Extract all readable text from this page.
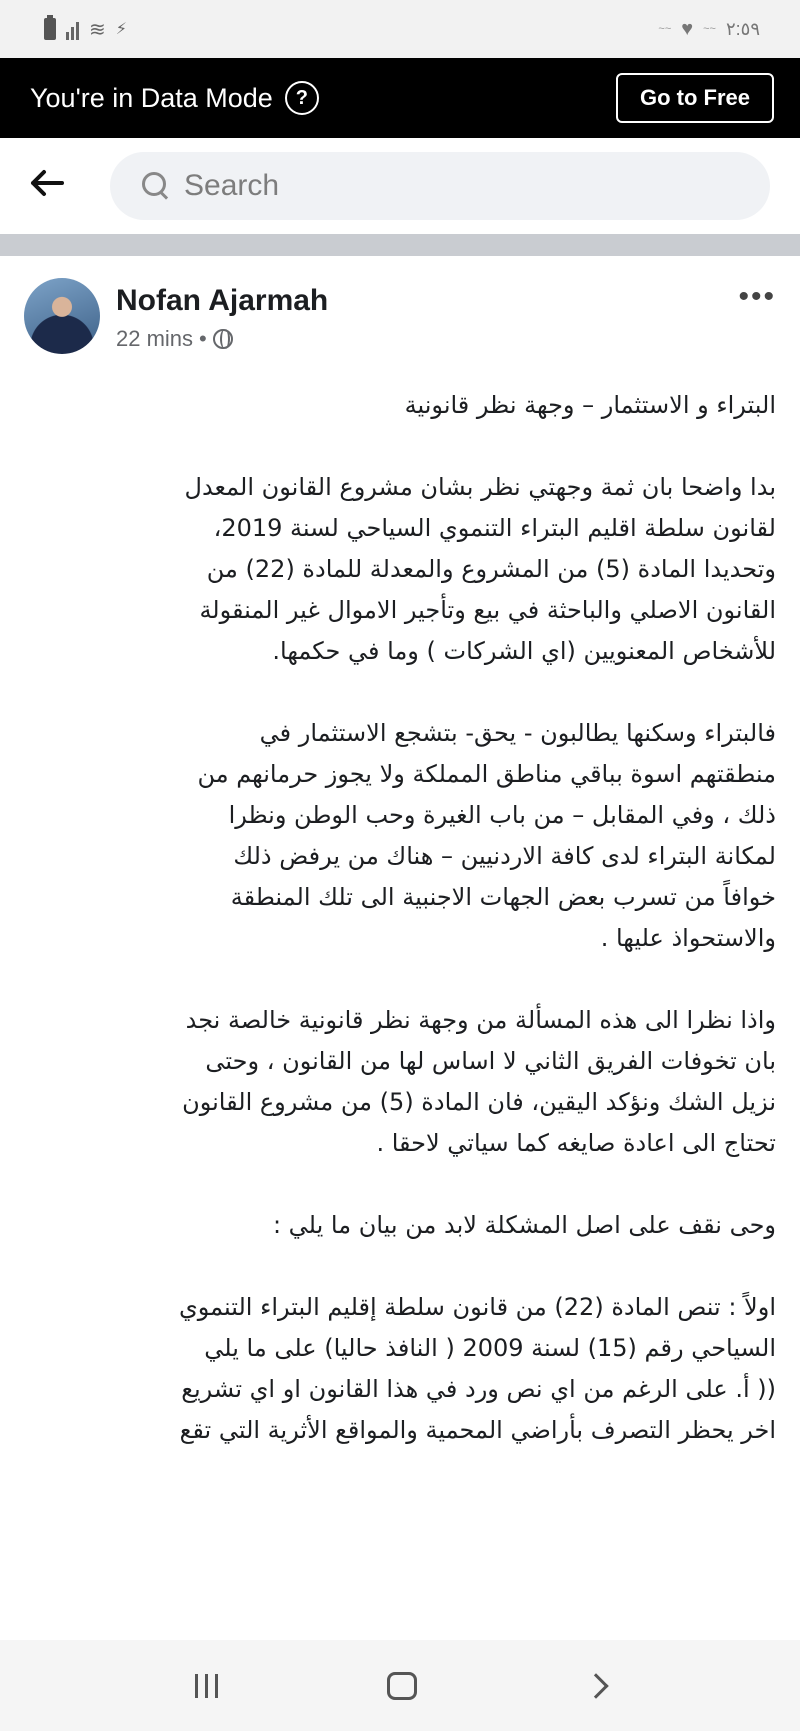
≋ ⚡	~~ ♥ ~~ ٢:٥٩
You're in Data Mode	?	Go to Free
Search
Nofan Ajarmah
22 mins •
•••

البتراء و الاستثمار – وجهة نظر قانونية

بدا واضحا بان ثمة وجهتي نظر بشان مشروع القانون المعدل
لقانون سلطة اقليم البتراء التنموي السياحي لسنة 2019،
وتحديدا المادة (5) من المشروع والمعدلة للمادة (22) من
القانون الاصلي والباحثة في بيع وتأجير الاموال غير المنقولة
للأشخاص المعنويين (اي الشركات ) وما في حكمها.

فالبتراء وسكنها يطالبون - يحق- بتشجع الاستثمار في
منطقتهم اسوة بباقي مناطق المملكة ولا يجوز حرمانهم من
ذلك ، وفي المقابل – من باب الغيرة وحب الوطن ونظرا
لمكانة البتراء لدى كافة الاردنيين – هناك من يرفض ذلك
خوافاً من تسرب بعض الجهات الاجنبية الى تلك المنطقة
والاستحواذ عليها .

واذا نظرا الى هذه المسألة من وجهة نظر قانونية خالصة نجد
بان تخوفات الفريق الثاني لا اساس لها من القانون ، وحتى
نزيل الشك ونؤكد اليقين، فان المادة (5) من مشروع القانون
تحتاج الى اعادة صايغه كما سياتي لاحقا .

وحى نقف على اصل المشكلة لابد من بيان ما يلي :

اولاً : تنص المادة (22) من قانون سلطة إقليم البتراء التنموي
السياحي رقم (15) لسنة 2009 ( النافذ حاليا) على ما يلي
(( أ. على الرغم من اي نص ورد في هذا القانون او اي تشريع
اخر يحظر التصرف بأراضي المحمية والمواقع الأثرية التي تقع
